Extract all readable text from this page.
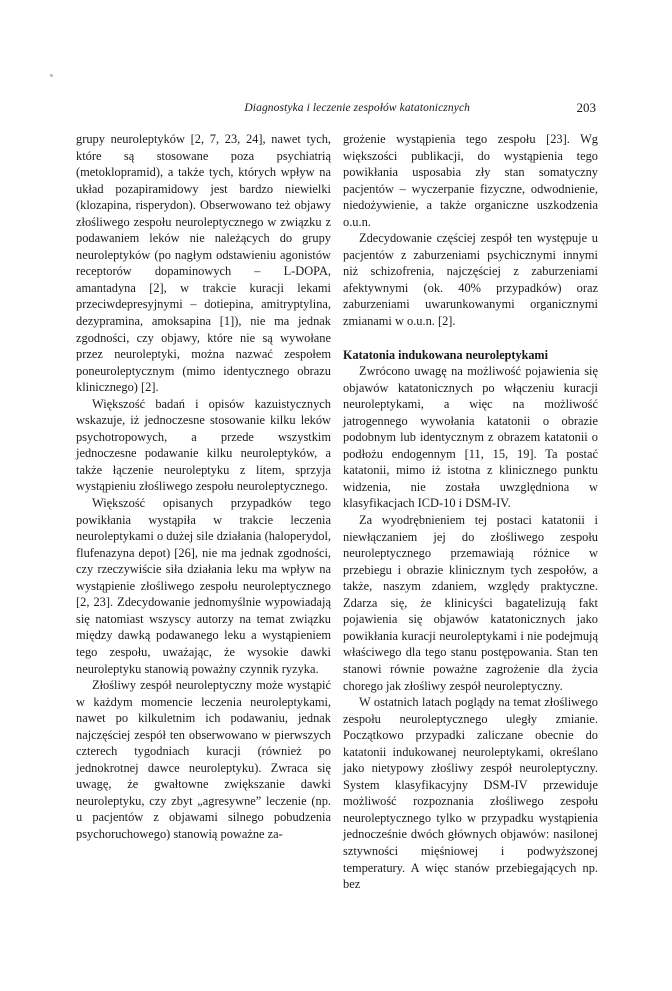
Diagnostyka i leczenie zespołów katatonicznych	203

grupy neuroleptyków [2, 7, 23, 24], nawet tych, które są stosowane poza psychiatrią (metoklopramid), a także tych, których wpływ na układ pozapiramidowy jest bardzo niewielki (klozapina, risperydon). Obserwowano też objawy złośliwego zespołu neuroleptycznego w związku z podawaniem leków nie należących do grupy neuroleptyków (po nagłym odstawieniu agonistów receptorów dopaminowych – L-DOPA, amantadyna [2], w trakcie kuracji lekami przeciwdepresyjnymi – dotiepina, amitryptylina, dezypramina, amoksapina [1]), nie ma jednak zgodności, czy objawy, które nie są wywołane przez neuroleptyki, można nazwać zespołem poneuroleptycznym (mimo identycznego obrazu klinicznego) [2].

Większość badań i opisów kazuistycznych wskazuje, iż jednoczesne stosowanie kilku leków psychotropowych, a przede wszystkim jednoczesne podawanie kilku neuroleptyków, a także łączenie neuroleptyku z litem, sprzyja wystąpieniu złośliwego zespołu neuroleptycznego.

Większość opisanych przypadków tego powikłania wystąpiła w trakcie leczenia neuroleptykami o dużej sile działania (haloperydol, flufenazyna depot) [26], nie ma jednak zgodności, czy rzeczywiście siła działania leku ma wpływ na wystąpienie złośliwego zespołu neuroleptycznego [2, 23]. Zdecydowanie jednomyślnie wypowiadają się natomiast wszyscy autorzy na temat związku między dawką podawanego leku a wystąpieniem tego zespołu, uważając, że wysokie dawki neuroleptyku stanowią poważny czynnik ryzyka.

Złośliwy zespół neuroleptyczny może wystąpić w każdym momencie leczenia neuroleptykami, nawet po kilkuletnim ich podawaniu, jednak najczęściej zespół ten obserwowano w pierwszych czterech tygodniach kuracji (również po jednokrotnej dawce neuroleptyku). Zwraca się uwagę, że gwałtowne zwiększanie dawki neuroleptyku, czy zbyt „agresywne” leczenie (np. u pacjentów z objawami silnego pobudzenia psychoruchowego) stanowią poważne za-

grożenie wystąpienia tego zespołu [23]. Wg większości publikacji, do wystąpienia tego powikłania usposabia zły stan somatyczny pacjentów – wyczerpanie fizyczne, odwodnienie, niedożywienie, a także organiczne uszkodzenia o.u.n.

Zdecydowanie częściej zespół ten występuje u pacjentów z zaburzeniami psychicznymi innymi niż schizofrenia, najczęściej z zaburzeniami afektywnymi (ok. 40% przypadków) oraz zaburzeniami uwarunkowanymi organicznymi zmianami w o.u.n. [2].

Katatonia indukowana neuroleptykami

Zwrócono uwagę na możliwość pojawienia się objawów katatonicznych po włączeniu kuracji neuroleptykami, a więc na możliwość jatrogennego wywołania katatonii o obrazie podobnym lub identycznym z obrazem katatonii o podłożu endogennym [11, 15, 19]. Ta postać katatonii, mimo iż istotna z klinicznego punktu widzenia, nie została uwzględniona w klasyfikacjach ICD-10 i DSM-IV.

Za wyodrębnieniem tej postaci katatonii i niewłączaniem jej do złośliwego zespołu neuroleptycznego przemawiają różnice w przebiegu i obrazie klinicznym tych zespołów, a także, naszym zdaniem, względy praktyczne. Zdarza się, że klinicyści bagatelizują fakt pojawienia się objawów katatonicznych jako powikłania kuracji neuroleptykami i nie podejmują właściwego dla tego stanu postępowania. Stan ten stanowi równie poważne zagrożenie dla życia chorego jak złośliwy zespół neuroleptyczny.

W ostatnich latach poglądy na temat złośliwego zespołu neuroleptycznego uległy zmianie. Początkowo przypadki zaliczane obecnie do katatonii indukowanej neuroleptykami, określano jako nietypowy złośliwy zespół neuroleptyczny. System klasyfikacyjny DSM-IV przewiduje możliwość rozpoznania złośliwego zespołu neuroleptycznego tylko w przypadku wystąpienia jednocześnie dwóch głównych objawów: nasilonej sztywności mięśniowej i podwyższonej temperatury. A więc stanów przebiegających np. bez
